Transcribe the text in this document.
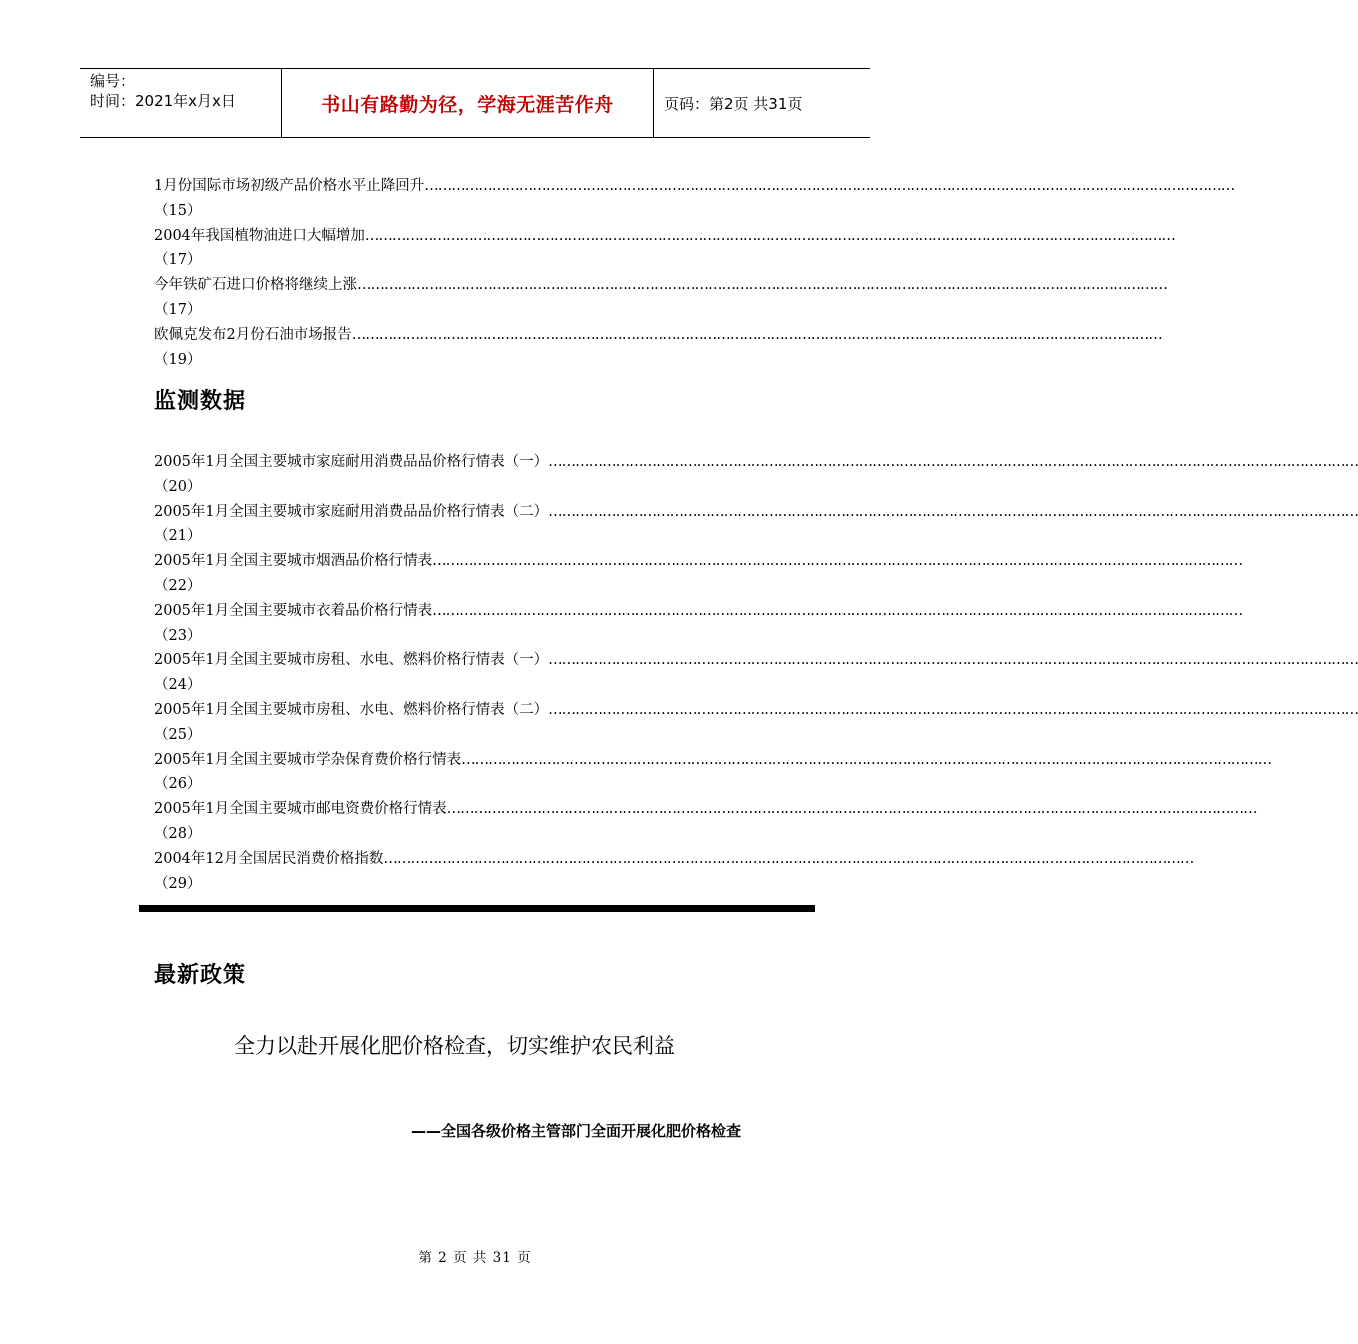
编号：
时间：2021年x月x日	书山有路勤为径，学海无涯苦作舟	页码：第2页 共31页
1月份国际市场初级产品价格水平止降回升 ………………………………………………………………………………………………………………………………………………………………
（15）
2004年我国植物油进口大幅增加 ………………………………………………………………………………………………………………………………………………………………
（17）
今年铁矿石进口价格将继续上涨 ………………………………………………………………………………………………………………………………………………………………
（17）
欧佩克发布2月份石油市场报告 ………………………………………………………………………………………………………………………………………………………………
（19）
监测数据
2005年1月全国主要城市家庭耐用消费品品价格行情表（一） ………………………………………………………………………………………………………………………………………………………………
（20）
2005年1月全国主要城市家庭耐用消费品品价格行情表（二） ………………………………………………………………………………………………………………………………………………………………
（21）
2005年1月全国主要城市烟酒品价格行情表 ………………………………………………………………………………………………………………………………………………………………
（22）
2005年1月全国主要城市衣着品价格行情表 ………………………………………………………………………………………………………………………………………………………………
（23）
2005年1月全国主要城市房租、水电、燃料价格行情表（一） ………………………………………………………………………………………………………………………………………………………………
（24）
2005年1月全国主要城市房租、水电、燃料价格行情表（二） ………………………………………………………………………………………………………………………………………………………………
（25）
2005年1月全国主要城市学杂保育费价格行情表 ………………………………………………………………………………………………………………………………………………………………
（26）
2005年1月全国主要城市邮电资费价格行情表 ………………………………………………………………………………………………………………………………………………………………
（28）
2004年12月全国居民消费价格指数 ………………………………………………………………………………………………………………………………………………………………
（29）
最新政策
全力以赴开展化肥价格检查，切实维护农民利益
——全国各级价格主管部门全面开展化肥价格检查
第 2 页 共 31 页
